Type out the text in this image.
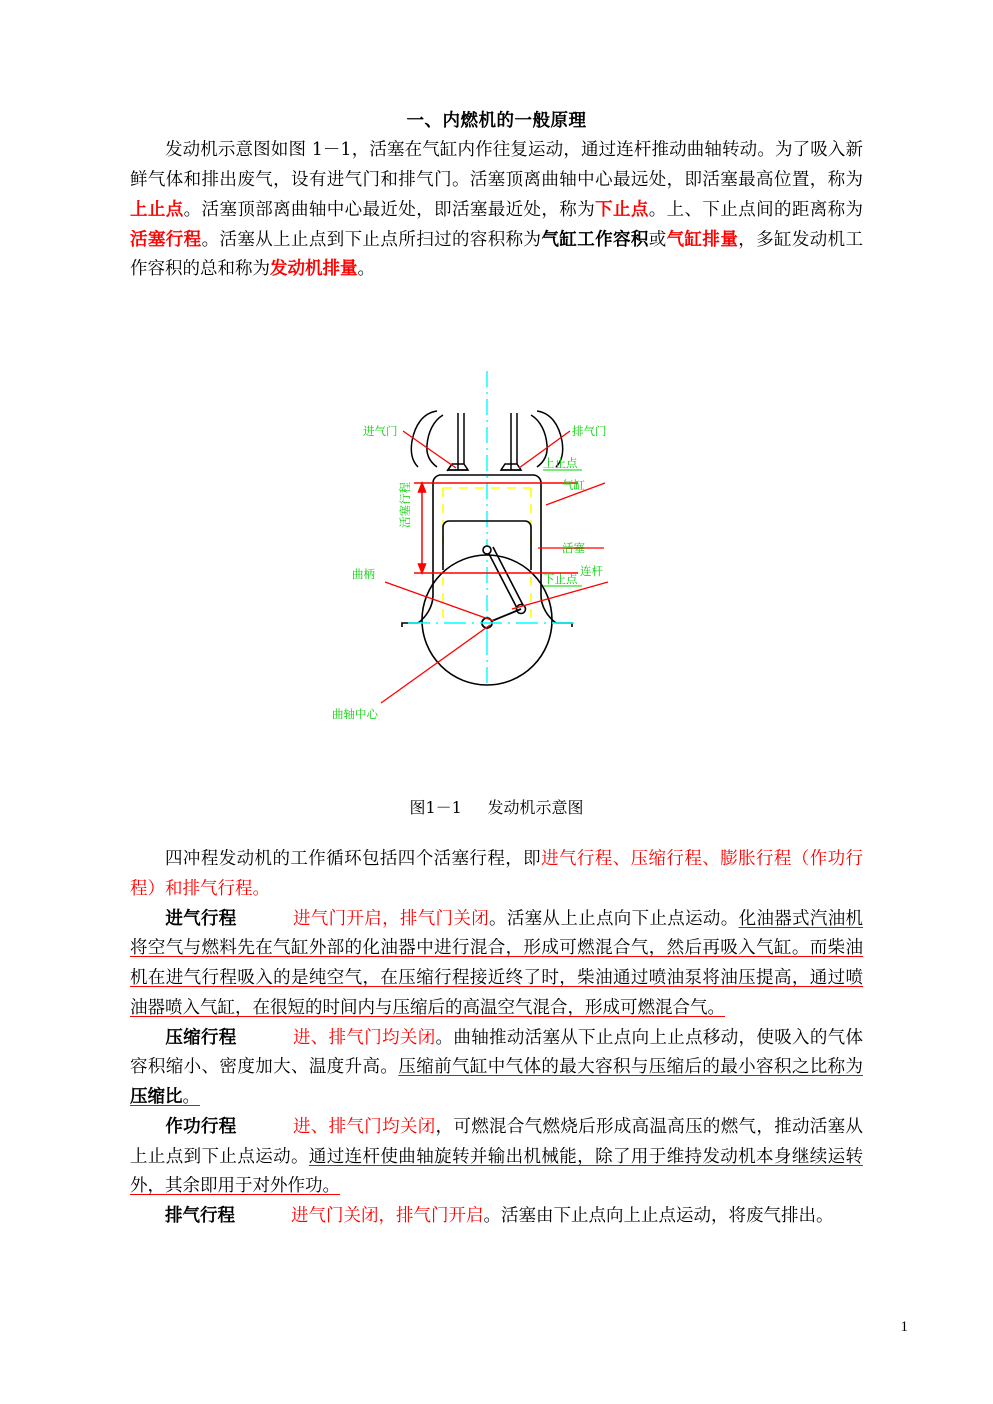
一、内燃机的一般原理

发动机示意图如图 1－1，活塞在气缸内作往复运动，通过连杆推动曲轴转动。为了吸入新鲜气体和排出废气，设有进气门和排气门。活塞顶离曲轴中心最远处，即活塞最高位置，称为上止点。活塞顶部离曲轴中心最近处，即活塞最近处，称为下止点。上、下止点间的距离称为活塞行程。活塞从上止点到下止点所扫过的容积称为气缸工作容积或气缸排量，多缸发动机工作容积的总和称为发动机排量。

进气门	排气门
上止点
气缸
活塞
下止点
连杆
曲柄
曲轴中心
活塞行程
图1－1 发动机示意图

四冲程发动机的工作循环包括四个活塞行程，即进气行程、压缩行程、膨胀行程（作功行程）和排气行程。

进气行程	进气门开启，排气门关闭。活塞从上止点向下止点运动。化油器式汽油机将空气与燃料先在气缸外部的化油器中进行混合，形成可燃混合气，然后再吸入气缸。而柴油机在进气行程吸入的是纯空气，在压缩行程接近终了时，柴油通过喷油泵将油压提高，通过喷油器喷入气缸，在很短的时间内与压缩后的高温空气混合，形成可燃混合气。

压缩行程	进、排气门均关闭。曲轴推动活塞从下止点向上止点移动，使吸入的气体容积缩小、密度加大、温度升高。压缩前气缸中气体的最大容积与压缩后的最小容积之比称为压缩比。

作功行程	进、排气门均关闭，可燃混合气燃烧后形成高温高压的燃气，推动活塞从上止点到下止点运动。通过连杆使曲轴旋转并输出机械能，除了用于维持发动机本身继续运转外，其余即用于对外作功。

排气行程	进气门关闭，排气门开启。活塞由下止点向上止点运动，将废气排出。

1
